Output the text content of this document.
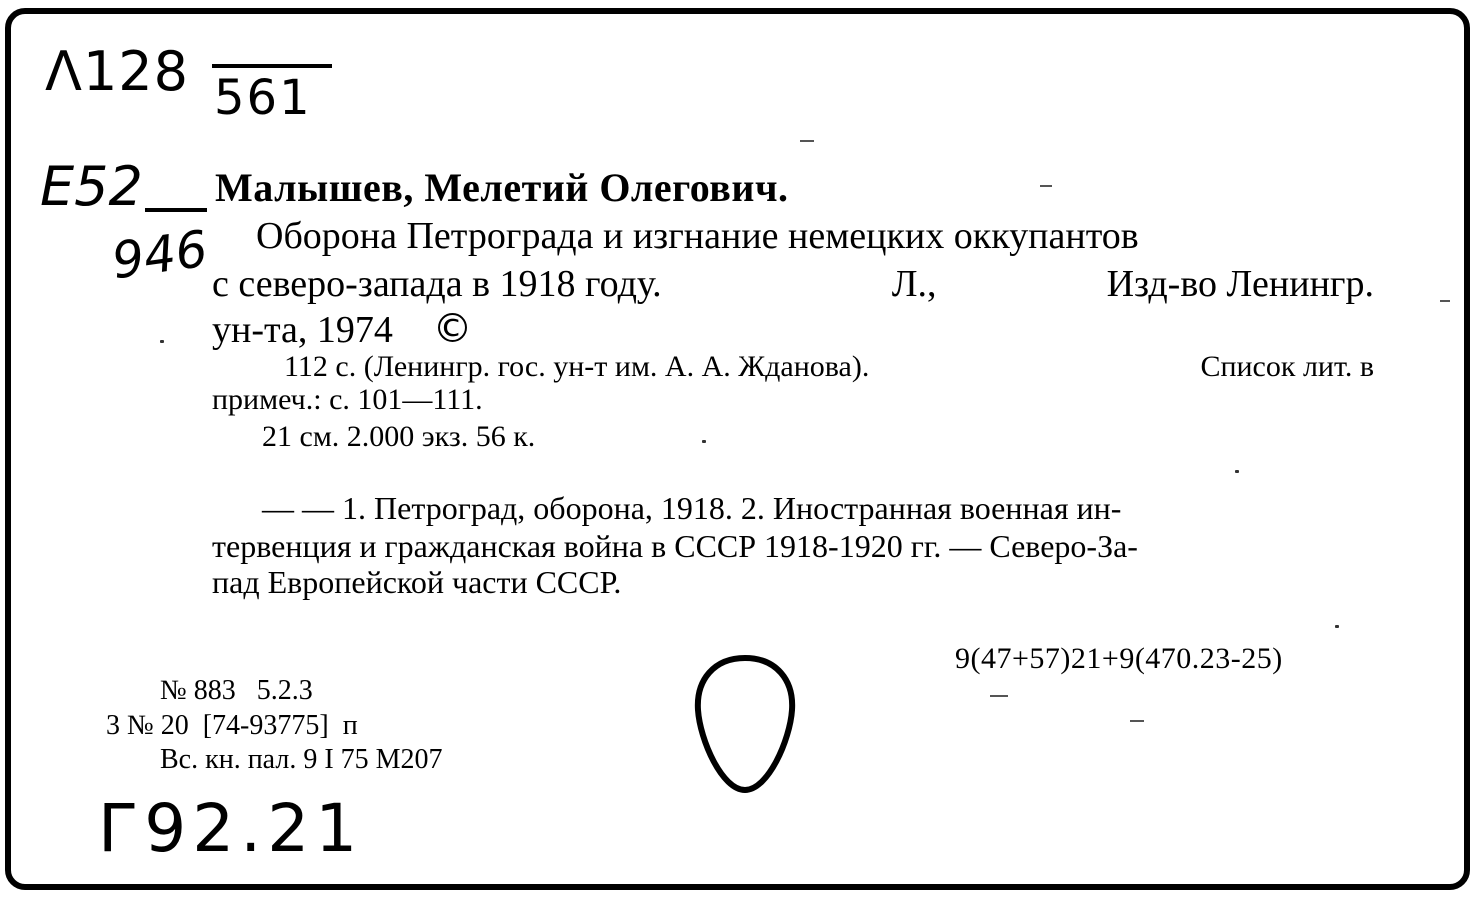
Λ128 561
E52
946
Малышев, Мелетий Олегович.
Оборона Петрограда и изгнание немецких оккупантов
с северо-запада в 1918 году.	Л.,	Изд-во Ленингр.
ун-та, 1974 ©
112 с. (Ленингр. гос. ун-т им. А. А. Жданова).	Список лит. в
примеч.: с. 101—111.
21 см. 2.000 экз. 56 к.
— — 1. Петроград, оборона, 1918. 2. Иностранная военная ин-
тервенция и гражданская война в СССР 1918-1920 гг. — Северо-За-
пад Европейской части СССР.
9(47+57)21+9(470.23-25)
№ 883   5.2.3
3 № 20  [74-93775]  п
Вс. кн. пал. 9 I 75 М207
Г92.21
